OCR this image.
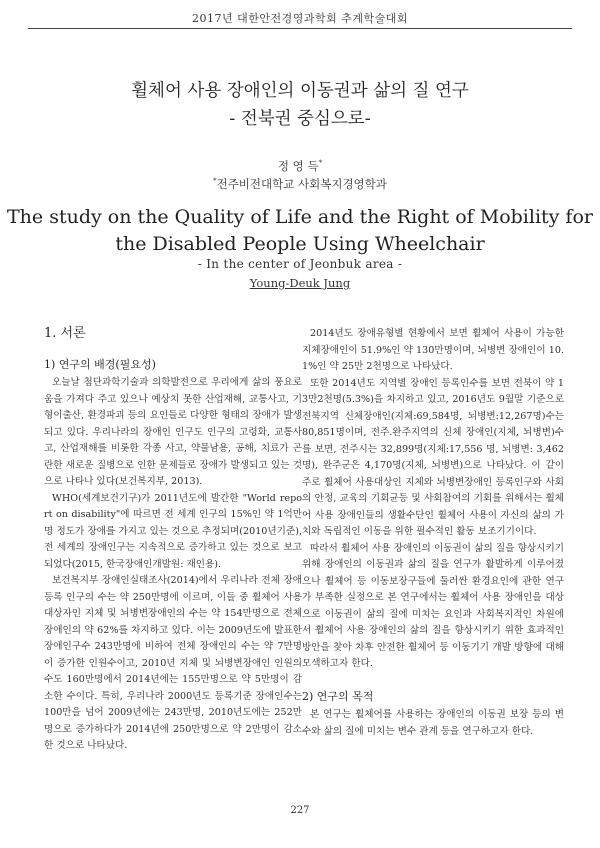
2017년 대한안전경영과학회 추계학술대회
휠체어 사용 장애인의 이동권과 삶의 질 연구
- 전북권 중심으로-
정 영 득*
*전주비전대학교 사회복지경영학과
The study on the Quality of Life and the Right of Mobility for
the Disabled People Using Wheelchair
- In the center of Jeonbuk area -
Young-Deuk Jung
1. 서론
1) 연구의 배경(필요성)

오늘날 첨단과학기술과 의학발전으로 우리에게 삶의 풍요로움을 가져다 주고 있으나 예상치 못한 산업재해, 교통사고, 기형이출산, 환경파괴 등의 요인들로 다양한 형태의 장애가 발생되고 있다. 우리나라의 장애인 인구도 인구의 고령화, 교통사고, 산업재해를 비롯한 각종 사고, 약물남용, 공해, 치료가 곤란한 새로운 질병으로 인한 문제들로 장애가 발생되고 있는 것으로 나타나 있다(보건복지부, 2013).

WHO(세계보건기구)가 2011년도에 발간한 "World report on disability"에 따르면 전 세계 인구의 15%인 약 1억만명 정도가 장애를 가지고 있는 것으로 추정되며(2010년기준), 전 세계의 장애인구는 지속적으로 증가하고 있는 것으로 보고되었다(2015, 한국장애인개발원: 재인용).

보건복지부 장애인실태조사(2014)에서 우리나라 전체 장애등록 인구의 수는 약 250만명에 이르며, 이들 중 휠체어 사용 대상자인 지체 및 뇌병변장애인의 수는 약 154만명으로 전체 장애인의 약 62%를 차지하고 있다. 이는 2009년도에 발표한 장애인구수 243만명에 비하여 전체 장애인의 수는 약 7만명이 증가한 인원수이고, 2010년 지체 및 뇌병변장애인 인원의 수도 160만명에서 2014년에는 155만명으로 약 5만명이 감소한 수이다. 특히, 우리나라 2000년도 등록기준 장애인수는 100만을 넘어 2009년에는 243만명, 2010년도에는 252만명으로 증가하다가 2014년에 250만명으로 약 2만명이 감소한 것으로 나타났다.

2014년도 장애유형별 현황에서 보면 휠체어 사용이 가능한 지체장애인이 51.9%인 약 130만명이며, 뇌병변 장애인이 10.1%인 약 25만 2천명으로 나타났다.

또한 2014년도 지역별 장애인 등록인수를 보면 전북이 약 13만2천명(5.3%)을 차지하고 있고, 2016년도 9월말 기준으로 전북지역 신체장애인(지체:69,584명, 뇌병변:12,267명)수는 80,851명이며, 전주.완주지역의 신체 장애인(지체, 뇌병변)수를 보면, 전주시는 32,899명(지체:17,556 명, 뇌병변: 3,462명), 완주군은 4,170명(지체, 뇌병변)으로 나타났다. 이 같이 주로 휠체어 사용대상인 지체와 뇌병변장애인 등록인구와 사회의 안정, 교육의 기회균등 및 사회참여의 기회를 위해서는 휠체어 사용 장애인들의 생활수단인 휠체어 사용이 자신의 삶의 가치와 독립적인 이동을 위한 필수적인 활동 보조기기이다.

따라서 휠체어 사용 장애인의 이동권이 삶의 질을 향상시키기 위해 장애인의 이동권과 삶의 질을 연구가 활발하게 이루어졌으나 휠체어 등 이동보장구들에 둘러싼 환경요인에 관한 연구가 부족한 실정으로 본 연구에서는 휠체어 사용 장애인을 대상으로 이동권이 삶의 질에 미치는 요인과 사회복지적인 차원에서 휠체어 사용 장애인의 삶의 질을 향상시키기 위한 효과적인 방안을 찾아 차후 안전한 휠체어 등 이동기기 개발 방향에 대해 모색하고자 한다.

2) 연구의 목적

본 연구는 휠체어를 사용하는 장애인의 이동권 보장 등의 변수와 삶의 질에 미치는 변수 관계 등을 연구하고자 한다.

227
